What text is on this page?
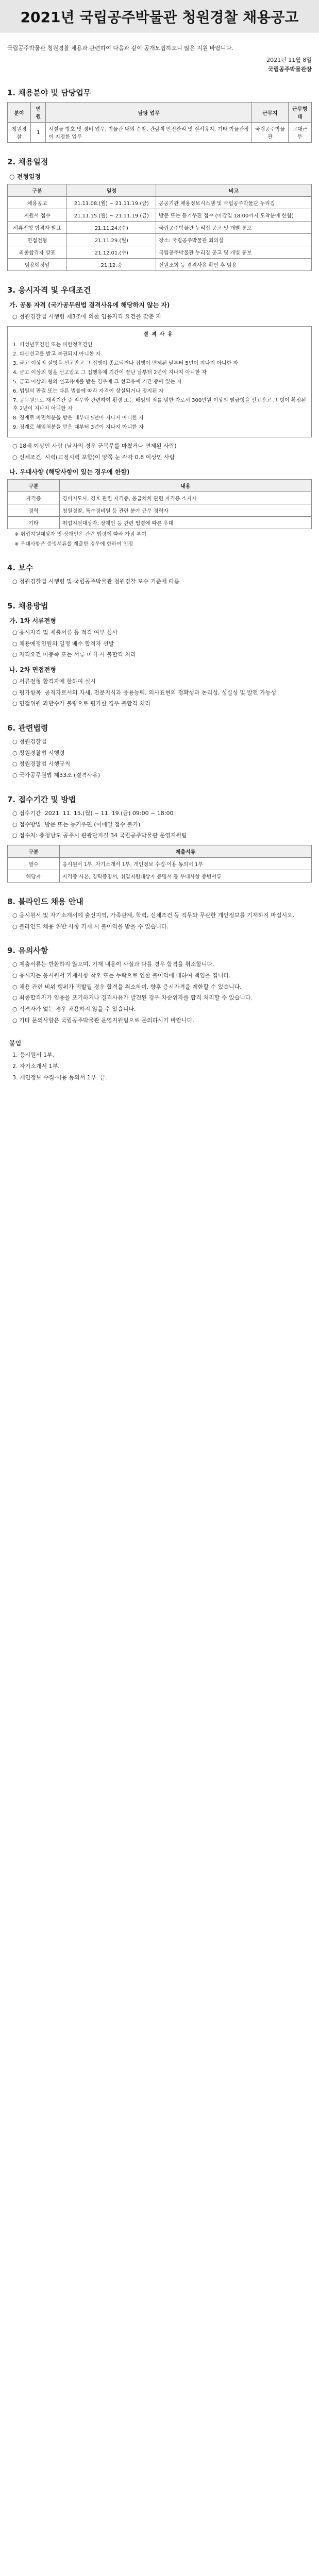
2021년 국립공주박물관 청원경찰 채용공고

국립공주박물관 청원경찰 채용과 관련하여 다음과 같이 공개모집하오니 많은 지원 바랍니다.

2021년 11월 8일
국립공주박물관장
1. 채용분야 및 담당업무
분야	인원	담당 업무	근무지	근무형태
청원경찰	1	시설물 방호 및 경비 업무, 박물관 내외 순찰, 관람객 안전관리 및 질서유지, 기타 박물관장이 지정한 업무	국립공주박물관	교대근무
2. 채용일정
○ 전형일정
구분	일정	비고
채용공고	21.11.08.(월) ~ 21.11.19.(금)	공공기관 채용정보시스템 및 국립공주박물관 누리집
지원서 접수	21.11.15.(월) ~ 21.11.19.(금)	방문 또는 등기우편 접수 (마감일 18:00까지 도착분에 한함)
서류전형 합격자 발표	21.11.24.(수)	국립공주박물관 누리집 공고 및 개별 통보
면접전형	21.11.29.(월)	장소: 국립공주박물관 회의실
최종합격자 발표	21.12.01.(수)	국립공주박물관 누리집 공고 및 개별 통보
임용예정일	21.12.중	신원조회 등 결격사유 확인 후 임용
3. 응시자격 및 우대조건
가. 공통 자격 (국가공무원법 결격사유에 해당하지 않는 자)
○ 청원경찰법 시행령 제3조에 의한 임용자격 요건을 갖춘 자
결격사유
1. 피성년후견인 또는 피한정후견인
2. 파산선고를 받고 복권되지 아니한 자
3. 금고 이상의 실형을 선고받고 그 집행이 종료되거나 집행이 면제된 날부터 5년이 지나지 아니한 자
4. 금고 이상의 형을 선고받고 그 집행유예 기간이 끝난 날부터 2년이 지나지 아니한 자
5. 금고 이상의 형의 선고유예를 받은 경우에 그 선고유예 기간 중에 있는 자
6. 법원의 판결 또는 다른 법률에 따라 자격이 상실되거나 정지된 자
7. 공무원으로 재직기간 중 직무와 관련하여 횡령 또는 배임의 죄를 범한 자로서 300만원 이상의 벌금형을 선고받고 그 형이 확정된 후 2년이 지나지 아니한 자
8. 징계로 파면처분을 받은 때부터 5년이 지나지 아니한 자
9. 징계로 해임처분을 받은 때부터 3년이 지나지 아니한 자
○ 18세 이상인 사람 (남자의 경우 군복무를 마쳤거나 면제된 사람)
○ 신체조건: 시력(교정시력 포함)이 양쪽 눈 각각 0.8 이상인 사람
나. 우대사항 (해당사항이 있는 경우에 한함)
구분	내용
자격증	경비지도사, 경호 관련 자격증, 응급처치 관련 자격증 소지자
경력	청원경찰, 특수경비원 등 관련 분야 근무 경력자
기타	취업지원대상자, 장애인 등 관련 법령에 따른 우대
※ 취업지원대상자 및 장애인은 관련 법령에 따라 가점 부여
※ 우대사항은 증빙서류를 제출한 경우에 한하여 인정
4. 보수
○ 청원경찰법 시행령 및 국립공주박물관 청원경찰 보수 기준에 따름
5. 채용방법
가. 1차 서류전형
○ 응시자격 및 제출서류 등 적격 여부 심사
○ 채용예정인원의 일정 배수 합격자 선발
○ 자격요건 미충족 또는 서류 미비 시 불합격 처리
나. 2차 면접전형
○ 서류전형 합격자에 한하여 실시
○ 평가항목: 공직자로서의 자세, 전문지식과 응용능력, 의사표현의 정확성과 논리성, 성실성 및 발전 가능성
○ 면접위원 과반수가 불량으로 평가한 경우 불합격 처리
6. 관련법령
○ 청원경찰법
○ 청원경찰법 시행령
○ 청원경찰법 시행규칙
○ 국가공무원법 제33조 (결격사유)
7. 접수기간 및 방법
○ 접수기간: 2021. 11. 15.(월) ~ 11. 19.(금) 09:00 ~ 18:00
○ 접수방법: 방문 또는 등기우편 (이메일 접수 불가)
○ 접수처: 충청남도 공주시 관광단지길 34 국립공주박물관 운영지원팀
구분	제출서류
필수	응시원서 1부, 자기소개서 1부, 개인정보 수집·이용 동의서 1부
해당자	자격증 사본, 경력증명서, 취업지원대상자 증명서 등 우대사항 증빙서류
8. 블라인드 채용 안내
○ 응시원서 및 자기소개서에 출신지역, 가족관계, 학력, 신체조건 등 직무와 무관한 개인정보를 기재하지 마십시오.
○ 블라인드 채용 위반 사항 기재 시 불이익을 받을 수 있습니다.
9. 유의사항
○ 제출서류는 반환하지 않으며, 기재 내용이 사실과 다를 경우 합격을 취소합니다.
○ 응시자는 응시원서 기재사항 착오 또는 누락으로 인한 불이익에 대하여 책임을 집니다.
○ 채용 관련 비위 행위가 적발될 경우 합격을 취소하며, 향후 응시자격을 제한할 수 있습니다.
○ 최종합격자가 임용을 포기하거나 결격사유가 발견된 경우 차순위자를 합격 처리할 수 있습니다.
○ 적격자가 없는 경우 채용하지 않을 수 있습니다.
○ 기타 문의사항은 국립공주박물관 운영지원팀으로 문의하시기 바랍니다.
붙임
1. 응시원서 1부.
2. 자기소개서 1부.
3. 개인정보 수집·이용 동의서 1부. 끝.
